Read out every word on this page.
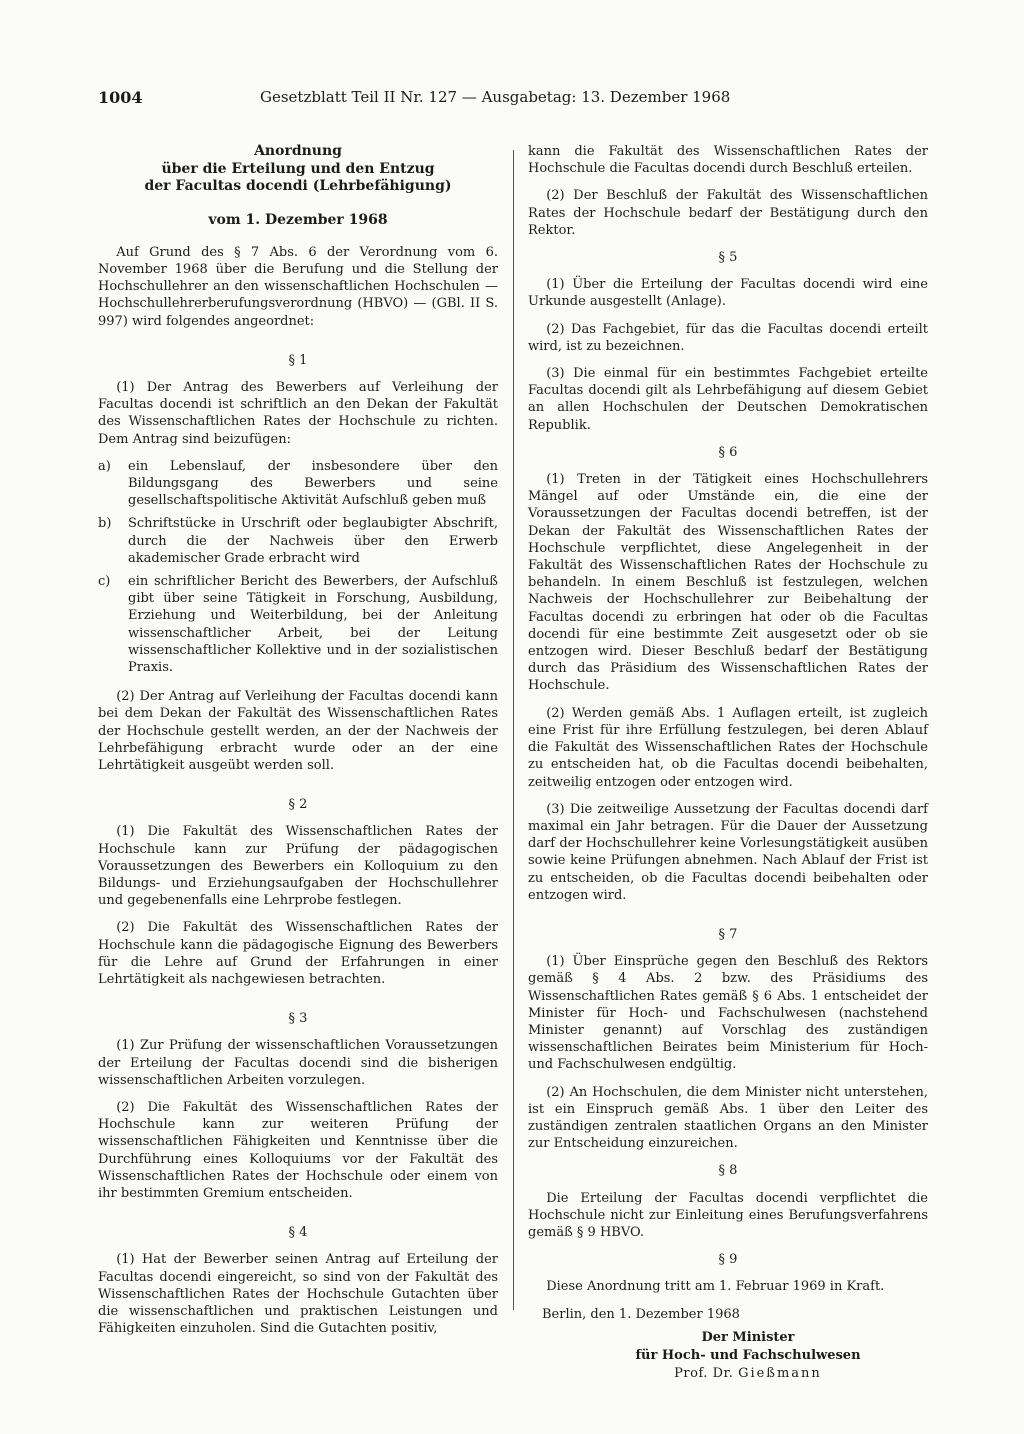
1004	Gesetzblatt Teil II Nr. 127 — Ausgabetag: 13. Dezember 1968

Anordnung

über die Erteilung und den Entzug

der Facultas docendi (Lehrbefähigung)

vom 1. Dezember 1968

Auf Grund des § 7 Abs. 6 der Verordnung vom 6. November 1968 über die Berufung und die Stellung der Hochschullehrer an den wissenschaftlichen Hochschulen — Hochschullehrerberufungsverordnung (HBVO) — (GBl. II S. 997) wird folgendes angeordnet:

§ 1

(1) Der Antrag des Bewerbers auf Verleihung der Facultas docendi ist schriftlich an den Dekan der Fakultät des Wissenschaftlichen Rates der Hochschule zu richten. Dem Antrag sind beizufügen:

a) ein Lebenslauf, der insbesondere über den Bildungsgang des Bewerbers und seine gesellschaftspolitische Aktivität Aufschluß geben muß
b) Schriftstücke in Urschrift oder beglaubigter Abschrift, durch die der Nachweis über den Erwerb akademischer Grade erbracht wird
c) ein schriftlicher Bericht des Bewerbers, der Aufschluß gibt über seine Tätigkeit in Forschung, Ausbildung, Erziehung und Weiterbildung, bei der Anleitung wissenschaftlicher Arbeit, bei der Leitung wissenschaftlicher Kollektive und in der sozialistischen Praxis.

(2) Der Antrag auf Verleihung der Facultas docendi kann bei dem Dekan der Fakultät des Wissenschaftlichen Rates der Hochschule gestellt werden, an der der Nachweis der Lehrbefähigung erbracht wurde oder an der eine Lehrtätigkeit ausgeübt werden soll.

§ 2

(1) Die Fakultät des Wissenschaftlichen Rates der Hochschule kann zur Prüfung der pädagogischen Voraussetzungen des Bewerbers ein Kolloquium zu den Bildungs- und Erziehungsaufgaben der Hochschullehrer und gegebenenfalls eine Lehrprobe festlegen.

(2) Die Fakultät des Wissenschaftlichen Rates der Hochschule kann die pädagogische Eignung des Bewerbers für die Lehre auf Grund der Erfahrungen in einer Lehrtätigkeit als nachgewiesen betrachten.

§ 3

(1) Zur Prüfung der wissenschaftlichen Voraussetzungen der Erteilung der Facultas docendi sind die bisherigen wissenschaftlichen Arbeiten vorzulegen.

(2) Die Fakultät des Wissenschaftlichen Rates der Hochschule kann zur weiteren Prüfung der wissenschaftlichen Fähigkeiten und Kenntnisse über die Durchführung eines Kolloquiums vor der Fakultät des Wissenschaftlichen Rates der Hochschule oder einem von ihr bestimmten Gremium entscheiden.

§ 4

(1) Hat der Bewerber seinen Antrag auf Erteilung der Facultas docendi eingereicht, so sind von der Fakultät des Wissenschaftlichen Rates der Hochschule Gutachten über die wissenschaftlichen und praktischen Leistungen und Fähigkeiten einzuholen. Sind die Gutachten positiv,

kann die Fakultät des Wissenschaftlichen Rates der Hochschule die Facultas docendi durch Beschluß erteilen.

(2) Der Beschluß der Fakultät des Wissenschaftlichen Rates der Hochschule bedarf der Bestätigung durch den Rektor.

§ 5

(1) Über die Erteilung der Facultas docendi wird eine Urkunde ausgestellt (Anlage).

(2) Das Fachgebiet, für das die Facultas docendi erteilt wird, ist zu bezeichnen.

(3) Die einmal für ein bestimmtes Fachgebiet erteilte Facultas docendi gilt als Lehrbefähigung auf diesem Gebiet an allen Hochschulen der Deutschen Demokratischen Republik.

§ 6

(1) Treten in der Tätigkeit eines Hochschullehrers Mängel auf oder Umstände ein, die eine der Voraussetzungen der Facultas docendi betreffen, ist der Dekan der Fakultät des Wissenschaftlichen Rates der Hochschule verpflichtet, diese Angelegenheit in der Fakultät des Wissenschaftlichen Rates der Hochschule zu behandeln. In einem Beschluß ist festzulegen, welchen Nachweis der Hochschullehrer zur Beibehaltung der Facultas docendi zu erbringen hat oder ob die Facultas docendi für eine bestimmte Zeit ausgesetzt oder ob sie entzogen wird. Dieser Beschluß bedarf der Bestätigung durch das Präsidium des Wissenschaftlichen Rates der Hochschule.

(2) Werden gemäß Abs. 1 Auflagen erteilt, ist zugleich eine Frist für ihre Erfüllung festzulegen, bei deren Ablauf die Fakultät des Wissenschaftlichen Rates der Hochschule zu entscheiden hat, ob die Facultas docendi beibehalten, zeitweilig entzogen oder entzogen wird.

(3) Die zeitweilige Aussetzung der Facultas docendi darf maximal ein Jahr betragen. Für die Dauer der Aussetzung darf der Hochschullehrer keine Vorlesungstätigkeit ausüben sowie keine Prüfungen abnehmen. Nach Ablauf der Frist ist zu entscheiden, ob die Facultas docendi beibehalten oder entzogen wird.

§ 7

(1) Über Einsprüche gegen den Beschluß des Rektors gemäß § 4 Abs. 2 bzw. des Präsidiums des Wissenschaftlichen Rates gemäß § 6 Abs. 1 entscheidet der Minister für Hoch- und Fachschulwesen (nachstehend Minister genannt) auf Vorschlag des zuständigen wissenschaftlichen Beirates beim Ministerium für Hoch- und Fachschulwesen endgültig.

(2) An Hochschulen, die dem Minister nicht unterstehen, ist ein Einspruch gemäß Abs. 1 über den Leiter des zuständigen zentralen staatlichen Organs an den Minister zur Entscheidung einzureichen.

§ 8

Die Erteilung der Facultas docendi verpflichtet die Hochschule nicht zur Einleitung eines Berufungsverfahrens gemäß § 9 HBVO.

§ 9

Diese Anordnung tritt am 1. Februar 1969 in Kraft.

Berlin, den 1. Dezember 1968

Der Minister

für Hoch- und Fachschulwesen

Prof. Dr. Gießmann
